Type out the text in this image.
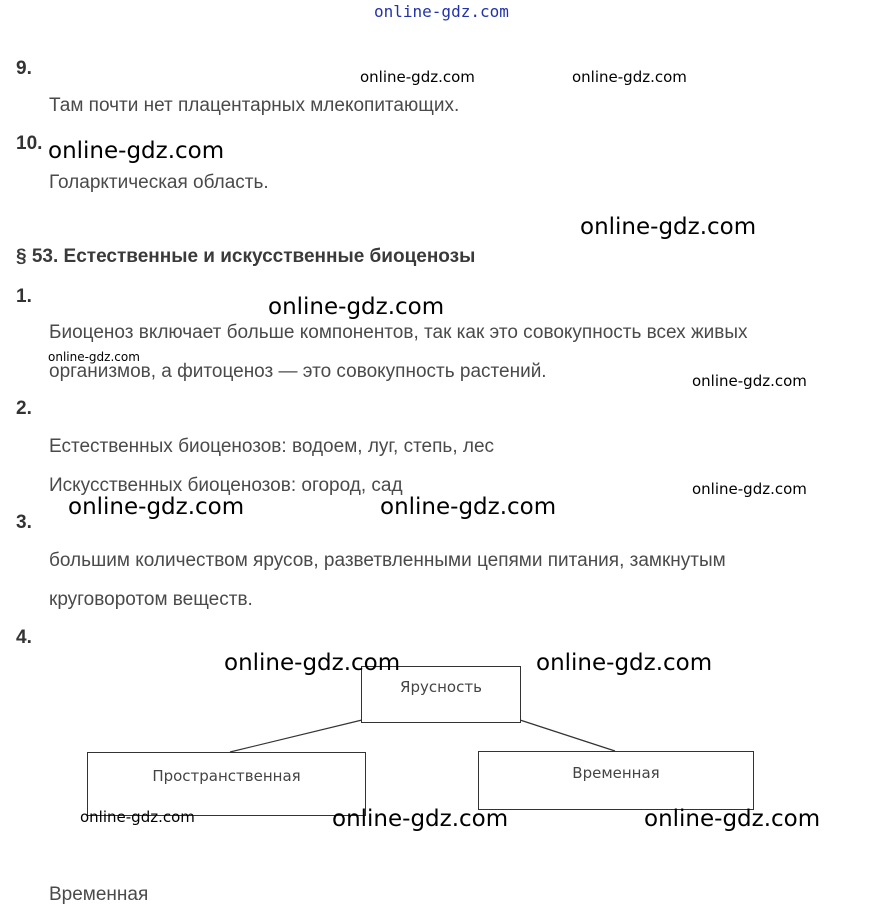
online-gdz.com
online-gdz.com	online-gdz.com
online-gdz.com
online-gdz.com
online-gdz.com
online-gdz.com
online-gdz.com
online-gdz.com
online-gdz.com	online-gdz.com
9.
Там почти нет плацентарных млекопитающих.
10.
Голарктическая область.
§ 53. Естественные и искусственные биоценозы
1.
Биоценоз включает больше компонентов, так как это совокупность всех живых
организмов, а фитоценоз — это совокупность растений.
2.
Естественных биоценозов: водоем, луг, степь, лес
Искусственных биоценозов: огород, сад
3.
большим количеством ярусов, разветвленными цепями питания, замкнутым
круговоротом веществ.
4.
Ярусность
Пространственная	Временная
online-gdz.com	online-gdz.com
online-gdz.com	online-gdz.com	online-gdz.com
Временная
